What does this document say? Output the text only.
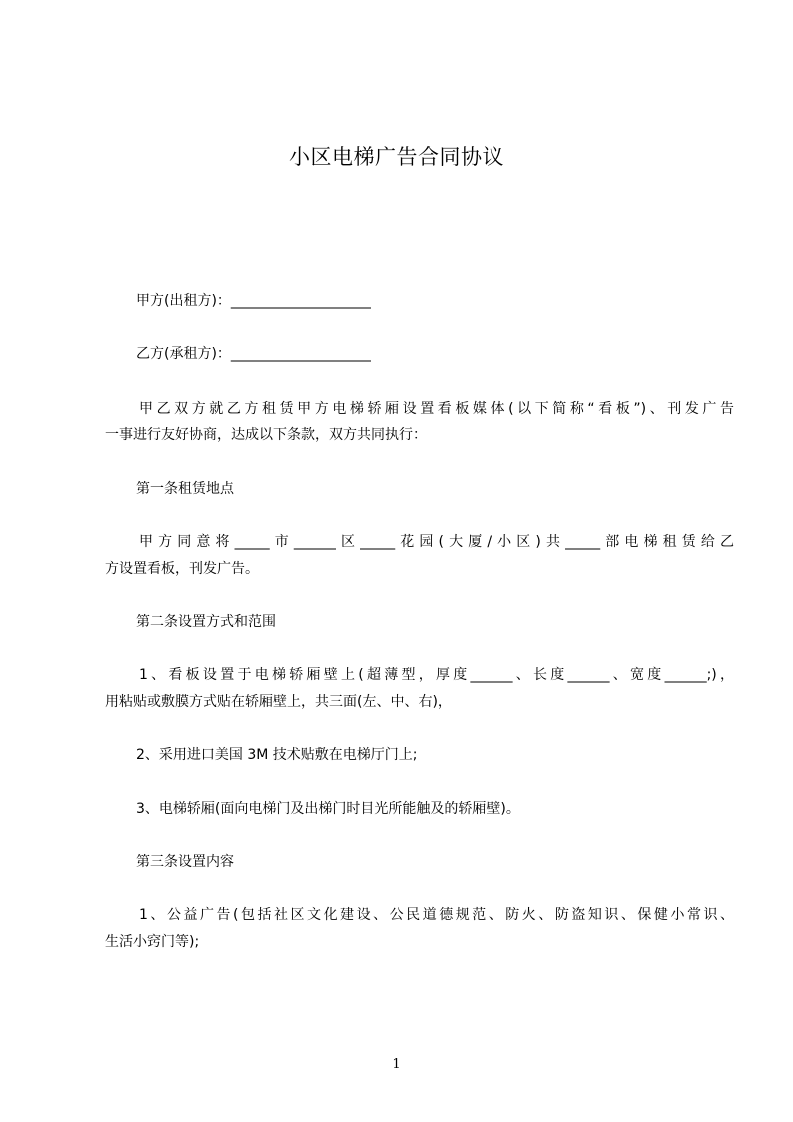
小区电梯广告合同协议
甲方(出租方)：____________________
乙方(承租方)：____________________
甲乙双方就乙方租赁甲方电梯轿厢设置看板媒体(以下简称“看板”)、刊发广告
一事进行友好协商，达成以下条款，双方共同执行：
第一条租赁地点
甲方同意将_____市______区_____花园(大厦/小区)共_____部电梯租赁给乙
方设置看板，刊发广告。
第二条设置方式和范围
1、看板设置于电梯轿厢壁上(超薄型，厚度______、长度______、宽度______;)，
用粘贴或敷膜方式贴在轿厢壁上，共三面(左、中、右)，
2、采用进口美国 3M 技术贴敷在电梯厅门上;
3、电梯轿厢(面向电梯门及出梯门时目光所能触及的轿厢壁)。
第三条设置内容
1、公益广告(包括社区文化建设、公民道德规范、防火、防盗知识、保健小常识、
生活小窍门等);
1
